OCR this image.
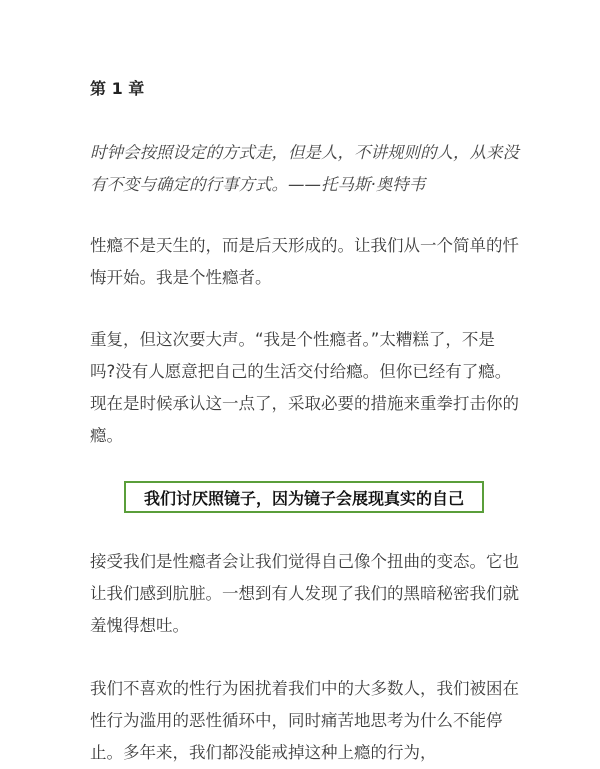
第 1 章

时钟会按照设定的方式走，但是人，不讲规则的人，从来没有不变与确定的行事方式。——托马斯·奥特韦

性瘾不是天生的，而是后天形成的。让我们从一个简单的忏悔开始。我是个性瘾者。

重复，但这次要大声。“我是个性瘾者。”太糟糕了，不是吗?没有人愿意把自己的生活交付给瘾。但你已经有了瘾。现在是时候承认这一点了，采取必要的措施来重拳打击你的瘾。

接受我们是性瘾者会让我们觉得自己像个扭曲的变态。它也让我们感到肮脏。一想到有人发现了我们的黑暗秘密我们就羞愧得想吐。

我们不喜欢的性行为困扰着我们中的大多数人，我们被困在性行为滥用的恶性循环中，同时痛苦地思考为什么不能停止。多年来，我们都没能戒掉这种上瘾的行为，

我们讨厌照镜子，因为镜子会展现真实的自己
